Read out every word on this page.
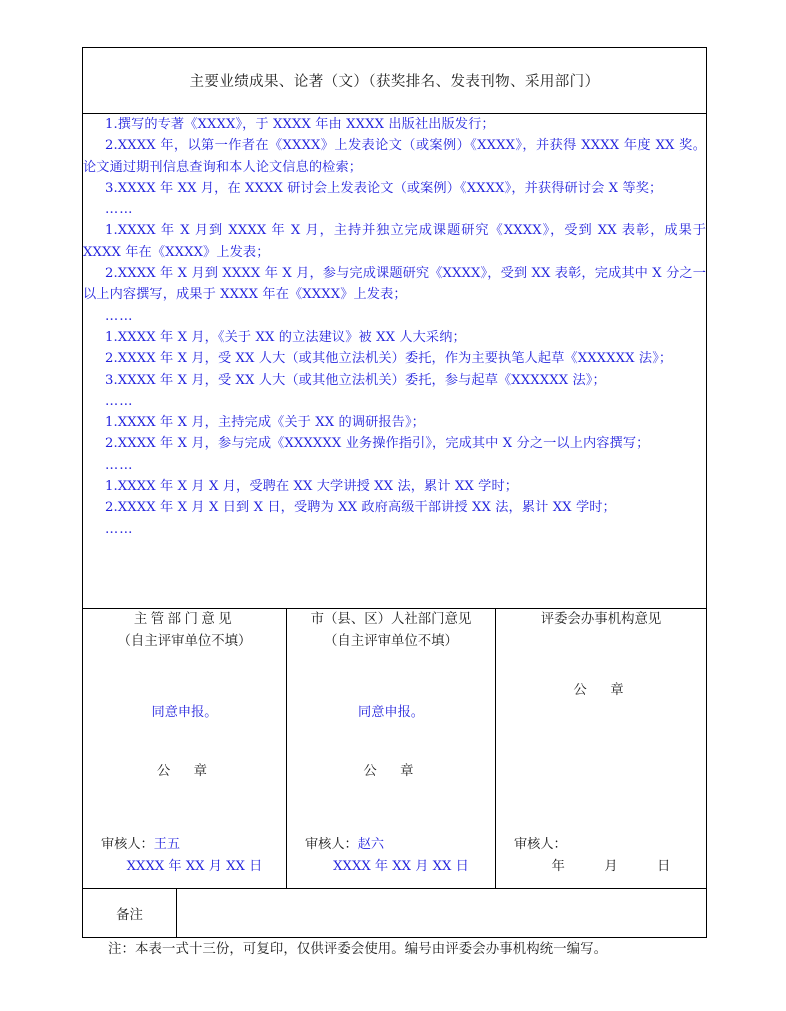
主要业绩成果、论著（文）（获奖排名、发表刊物、采用部门）			

1.撰写的专著《XXXX》，于 XXXX 年由 XXXX 出版社出版发行；

2.XXXX 年，以第一作者在《XXXX》上发表论文（或案例）《XXXX》，并获得 XXXX 年度 XX 奖。论文通过期刊信息查询和本人论文信息的检索；

3.XXXX 年 XX 月，在 XXXX 研讨会上发表论文（或案例）《XXXX》，并获得研讨会 X 等奖；

……

1.XXXX 年 X 月到 XXXX 年 X 月，主持并独立完成课题研究《XXXX》，受到 XX 表彰，成果于 XXXX 年在《XXXX》上发表；

2.XXXX 年 X 月到 XXXX 年 X 月，参与完成课题研究《XXXX》，受到 XX 表彰，完成其中 X 分之一以上内容撰写，成果于 XXXX 年在《XXXX》上发表；

……

1.XXXX 年 X 月，《关于 XX 的立法建议》被 XX 人大采纳；

2.XXXX 年 X 月，受 XX 人大（或其他立法机关）委托，作为主要执笔人起草《XXXXXX 法》；

3.XXXX 年 X 月，受 XX 人大（或其他立法机关）委托，参与起草《XXXXXX 法》；

……

1.XXXX 年 X 月，主持完成《关于 XX 的调研报告》；

2.XXXX 年 X 月，参与完成《XXXXXX 业务操作指引》，完成其中 X 分之一以上内容撰写；

……

1.XXXX 年 X 月 X 月，受聘在 XX 大学讲授 XX 法，累计 XX 学时；

2.XXXX 年 X 月 X 日到 X 日，受聘为 XX 政府高级干部讲授 XX 法，累计 XX 学时；

……

主管部门意见
（自主评审单位不填）
同意申报。
公　章
审核人：王五
XXXX 年 XX 月 XX 日

市（县、区）人社部门意见
（自主评审单位不填）
同意申报。
公　章
审核人：赵六
XXXX 年 XX 月 XX 日

评委会办事机构意见
公　章
审核人：
年　　　月　　　日

备注			
注：本表一式十三份，可复印，仅供评委会使用。编号由评委会办事机构统一编写。
